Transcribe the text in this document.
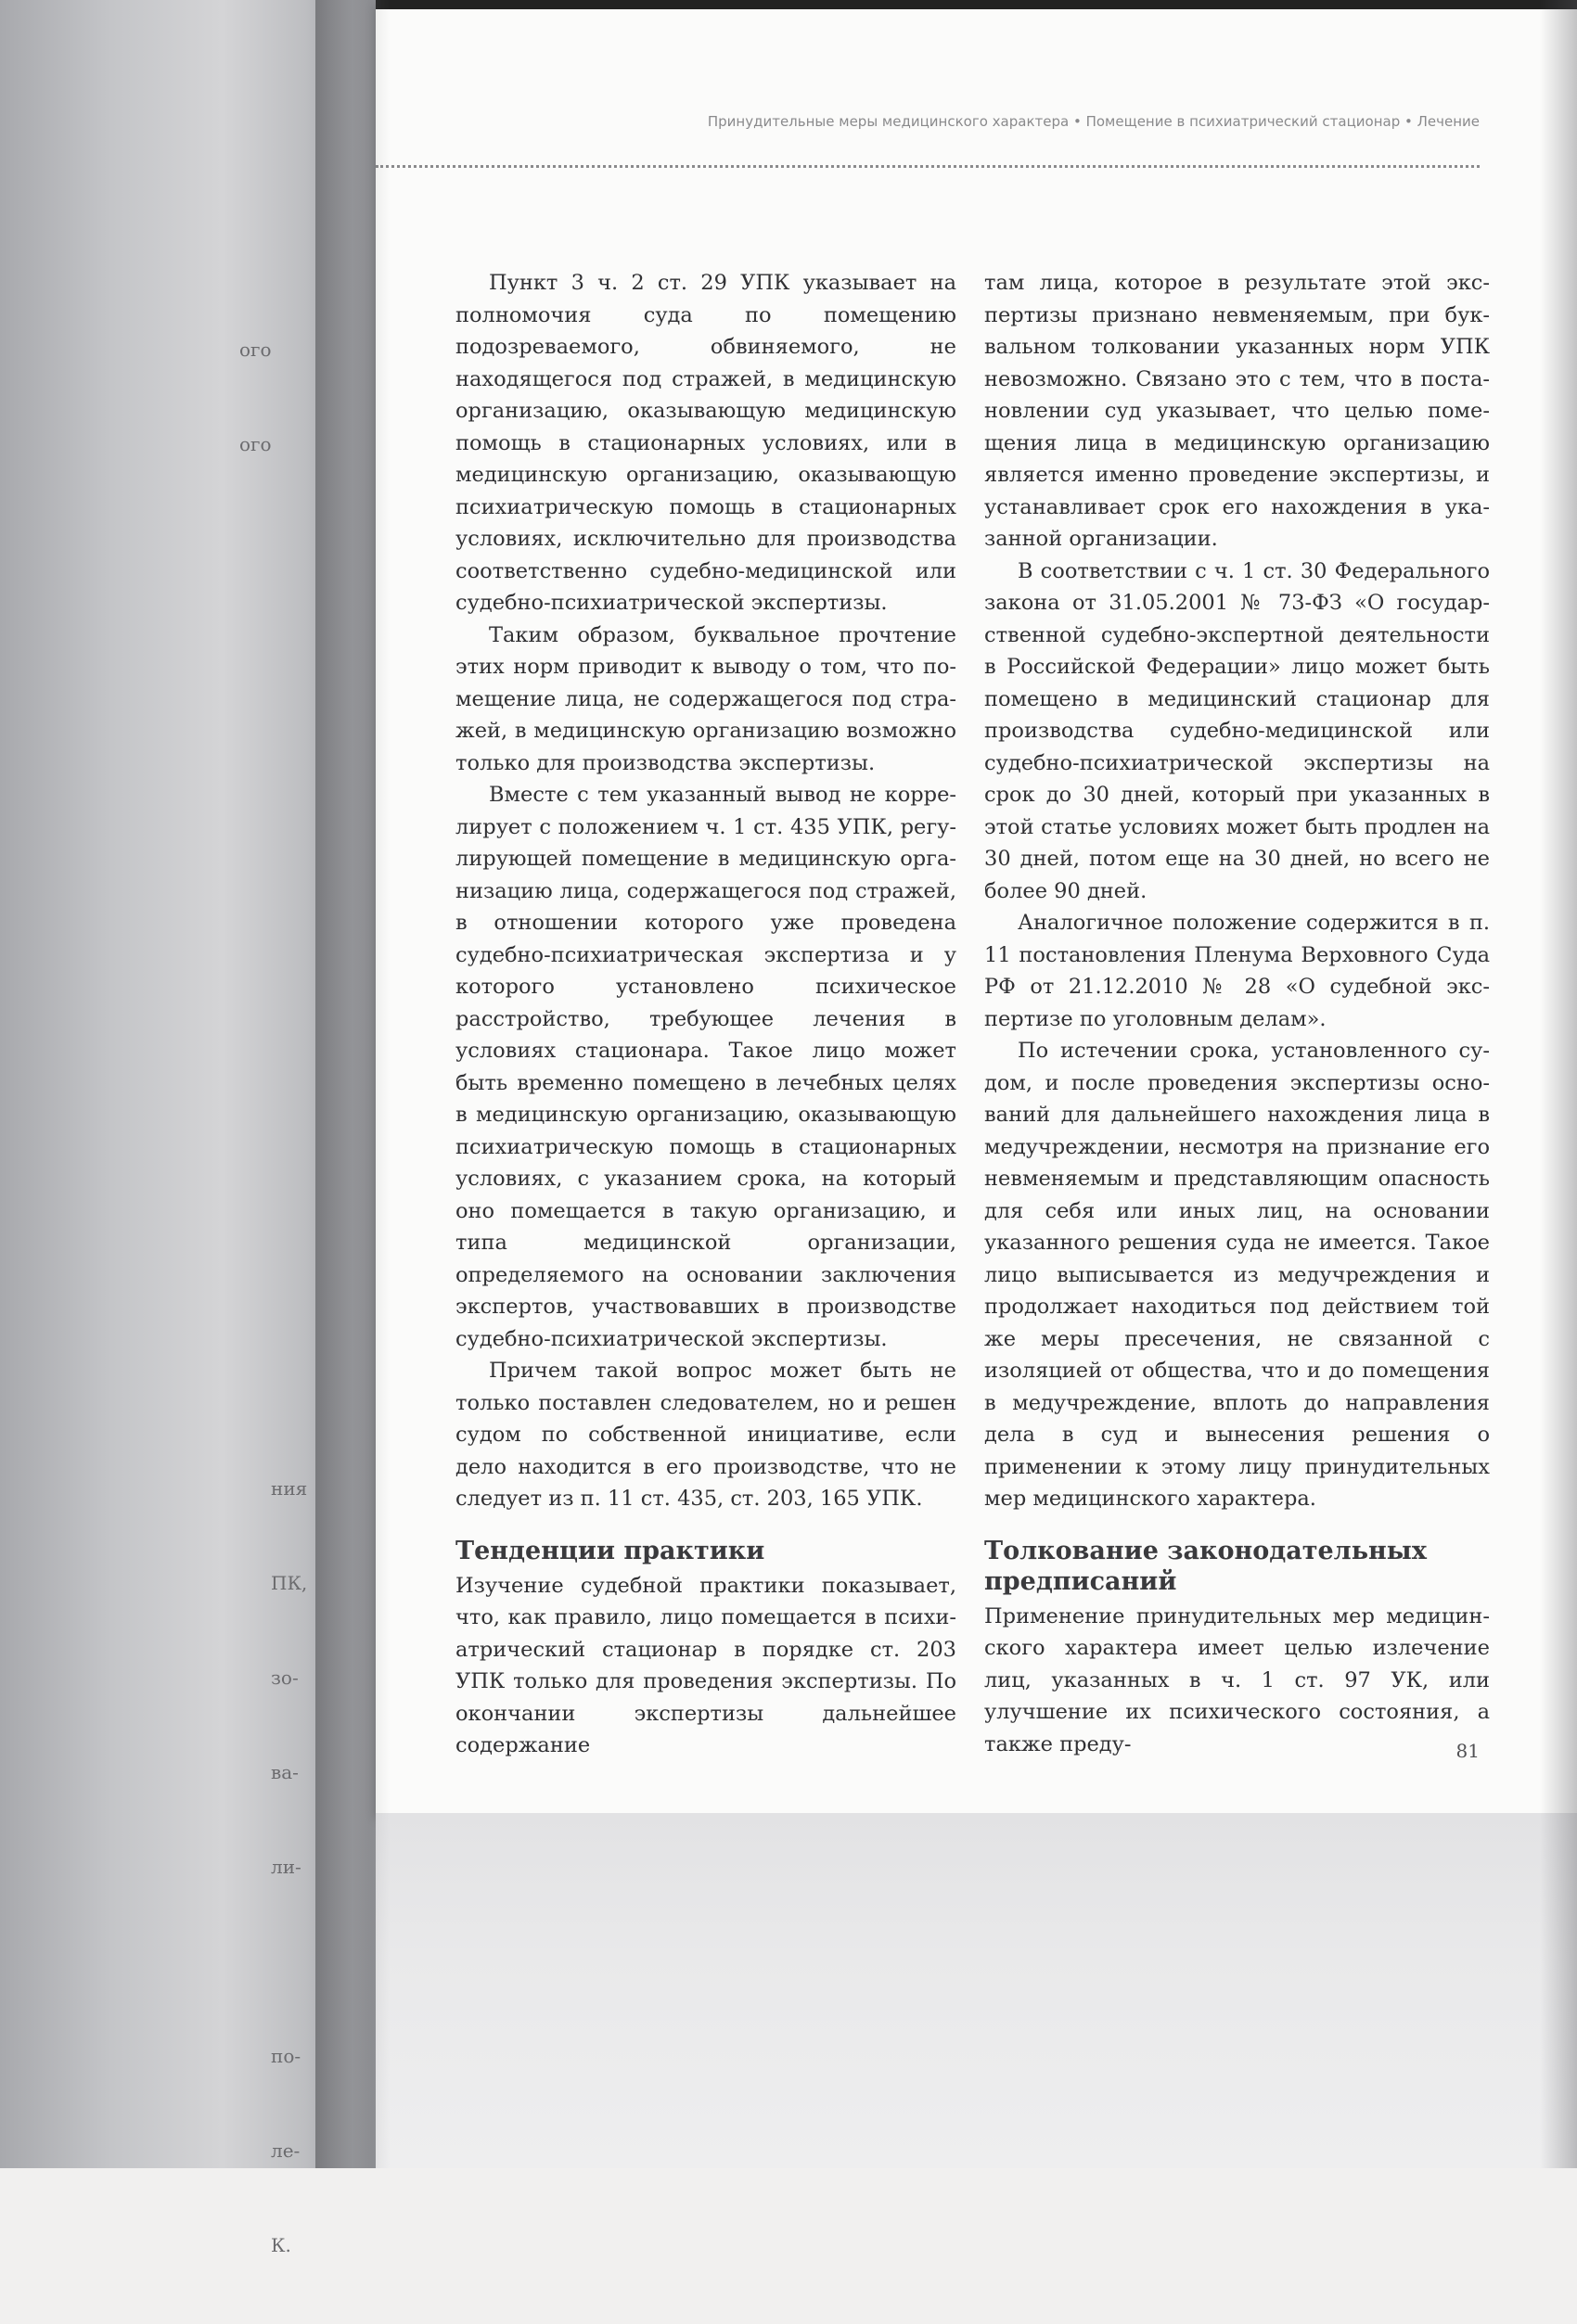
ого

ого

ния

ПК,

зо-

ва-

ли-

по-

ле-

К.

Принудительные меры медицинского характера • Помещение в психиатрический стационар • Лечение

Пункт 3 ч. 2 ст. 29 УПК указывает на полномочия суда по помещению подозреваемого, обвиняемого, не находящегося под стражей, в медицинскую организацию, оказывающую медицинскую помощь в стационарных условиях, или в медицинскую организацию, оказывающую психиатрическую помощь в стационарных условиях, исключительно для производства соответственно судебно-медицинской или судебно-психиатрической экспертизы.

Таким образом, буквальное прочтение этих норм приводит к выводу о том, что помещение лица, не содержащегося под стражей, в медицинскую организацию возможно только для производства экспертизы.

Вместе с тем указанный вывод не коррелирует с положением ч. 1 ст. 435 УПК, регулирующей помещение в медицинскую организацию лица, содержащегося под стражей, в отношении которого уже проведена судебно-психиатрическая экспертиза и у которого установлено психическое расстройство, требующее лечения в условиях стационара. Такое лицо может быть временно помещено в лечебных целях в медицинскую организацию, оказывающую психиатрическую помощь в стационарных условиях, с указанием срока, на который оно помещается в такую организацию, и типа медицинской организации, определяемого на основании заключения экспертов, участвовавших в производстве судебно-психиатрической экспертизы.

Причем такой вопрос может быть не только поставлен следователем, но и решен судом по собственной инициативе, если дело находится в его производстве, что не следует из п. 11 ст. 435, ст. 203, 165 УПК.

Тенденции практики

Изучение судебной практики показывает, что, как правило, лицо помещается в психиатрический стационар в порядке ст. 203 УПК только для проведения экспертизы. По окончании экспертизы дальнейшее содержание

там лица, которое в результате этой экспертизы признано невменяемым, при буквальном толковании указанных норм УПК невозможно. Связано это с тем, что в постановлении суд указывает, что целью помещения лица в медицинскую организацию является именно проведение экспертизы, и устанавливает срок его нахождения в указанной организации.

В соответствии с ч. 1 ст. 30 Федерального закона от 31.05.2001 № 73-ФЗ «О государственной судебно-экспертной деятельности в Российской Федерации» лицо может быть помещено в медицинский стационар для производства судебно-медицинской или судебно-психиатрической экспертизы на срок до 30 дней, который при указанных в этой статье условиях может быть продлен на 30 дней, потом еще на 30 дней, но всего не более 90 дней.

Аналогичное положение содержится в п. 11 постановления Пленума Верховного Суда РФ от 21.12.2010 № 28 «О судебной экспертизе по уголовным делам».

По истечении срока, установленного судом, и после проведения экспертизы оснований для дальнейшего нахождения лица в медучреждении, несмотря на признание его невменяемым и представляющим опасность для себя или иных лиц, на основании указанного решения суда не имеется. Такое лицо выписывается из медучреждения и продолжает находиться под действием той же меры пресечения, не связанной с изоляцией от общества, что и до помещения в медучреждение, вплоть до направления дела в суд и вынесения решения о применении к этому лицу принудительных мер медицинского характера.

Толкование законодательных предписаний

Применение принудительных мер медицинского характера имеет целью излечение лиц, указанных в ч. 1 ст. 97 УК, или улучшение их психического состояния, а также преду-	81
